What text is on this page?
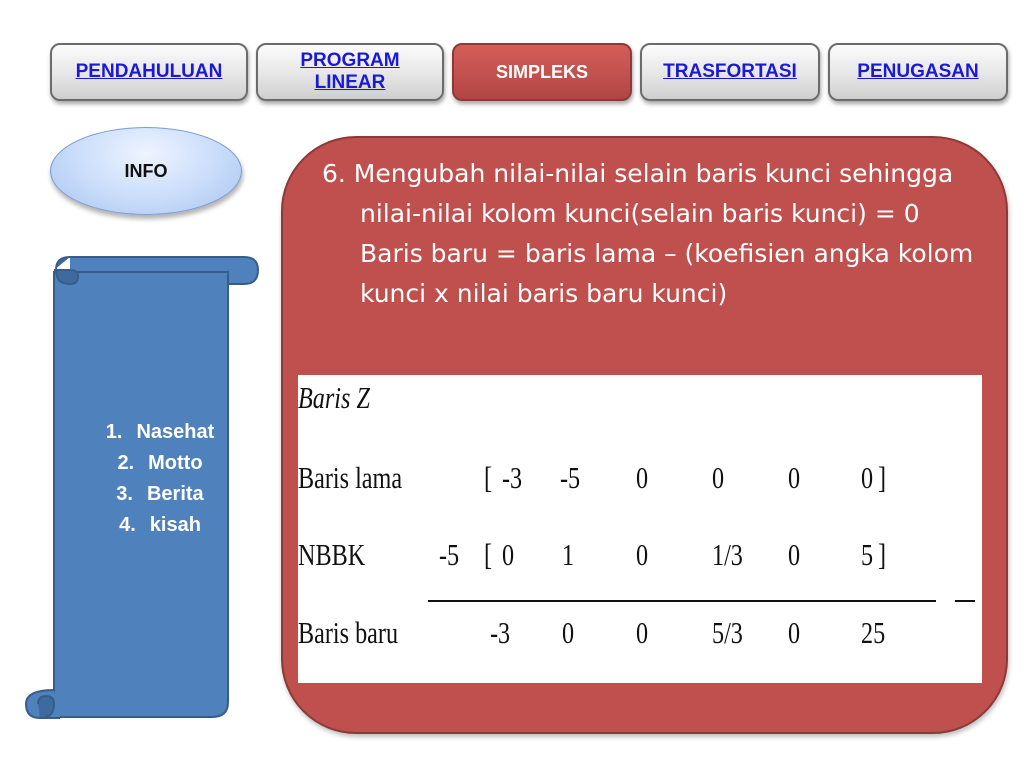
PENDAHULUAN
PROGRAM
LINEAR	SIMPLEKS	TRASFORTASI	PENUGASAN
INFO
1. Nasehat
2. Motto
3. Berita
4. kisah
6. Mengubah nilai-nilai selain baris kunci sehingga nilai-nilai kolom kunci(selain baris kunci) = 0
Baris baru = baris lama – (koefisien angka kolom kunci x nilai baris baru kunci)
Baris Z
Baris lama	[ -3 -5 0 0 0 0 ]
NBBK -5 [ 0 1 0 1/3 0 5 ]
Baris baru	-3 0 0 5/3 0 25
